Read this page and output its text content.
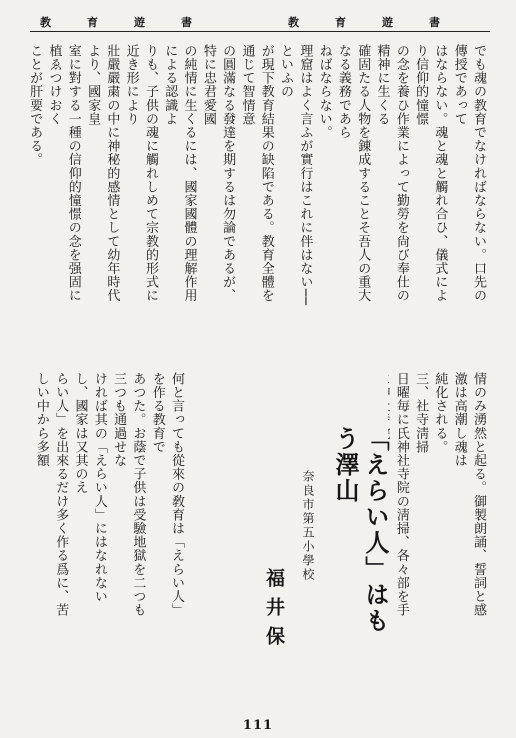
教育遊書	教育遊書

でも魂の教育でなければならない。口先の傳授であって

はならない。魂と魂と觸れ合ひ、儀式により信仰的憧憬

の念を養ひ作業によって勤勞を尙び奉仕の精神に生くる

確固たる人物を錬成することそ吾人の重大なる義務であら

ねばならない。

理窟はよく言ふが實行はこれに伴はない──といふの

が現下教育結果の缺陷である。教育全體を通じて智情意

の圓滿なる發達を期するは勿論であるが、特に忠君愛國

の純情に生くるには、國家國體の理解作用による認識よ

りも、子供の魂に觸れしめて宗教的形式に近き形により

壯嚴嚴粛の中に神秘的感情として幼年時代より、國家皇

室に對する一種の信仰的憧憬の念を强固に植ゑつけおく

ことが肝要である。

情のみ湧然と起る。御製朗誦、誓詞と感激は高潮し魂は

純化される。

三、社寺淸掃

日曜毎に氏神社寺院の淸掃、各々部を手

「えらい人」はもう澤山
奈良市第五小學校
福井保

何と言っても從來の敎育は「えらい人」を作る教育で

あつた。お蔭で子供は受驗地獄を二つも三つも通過せな

ければ其の「えらい人」にはなれないし、國家は又其のえ

らい人」を出來るだけ多く作る爲に、苦しい中から多額

111
